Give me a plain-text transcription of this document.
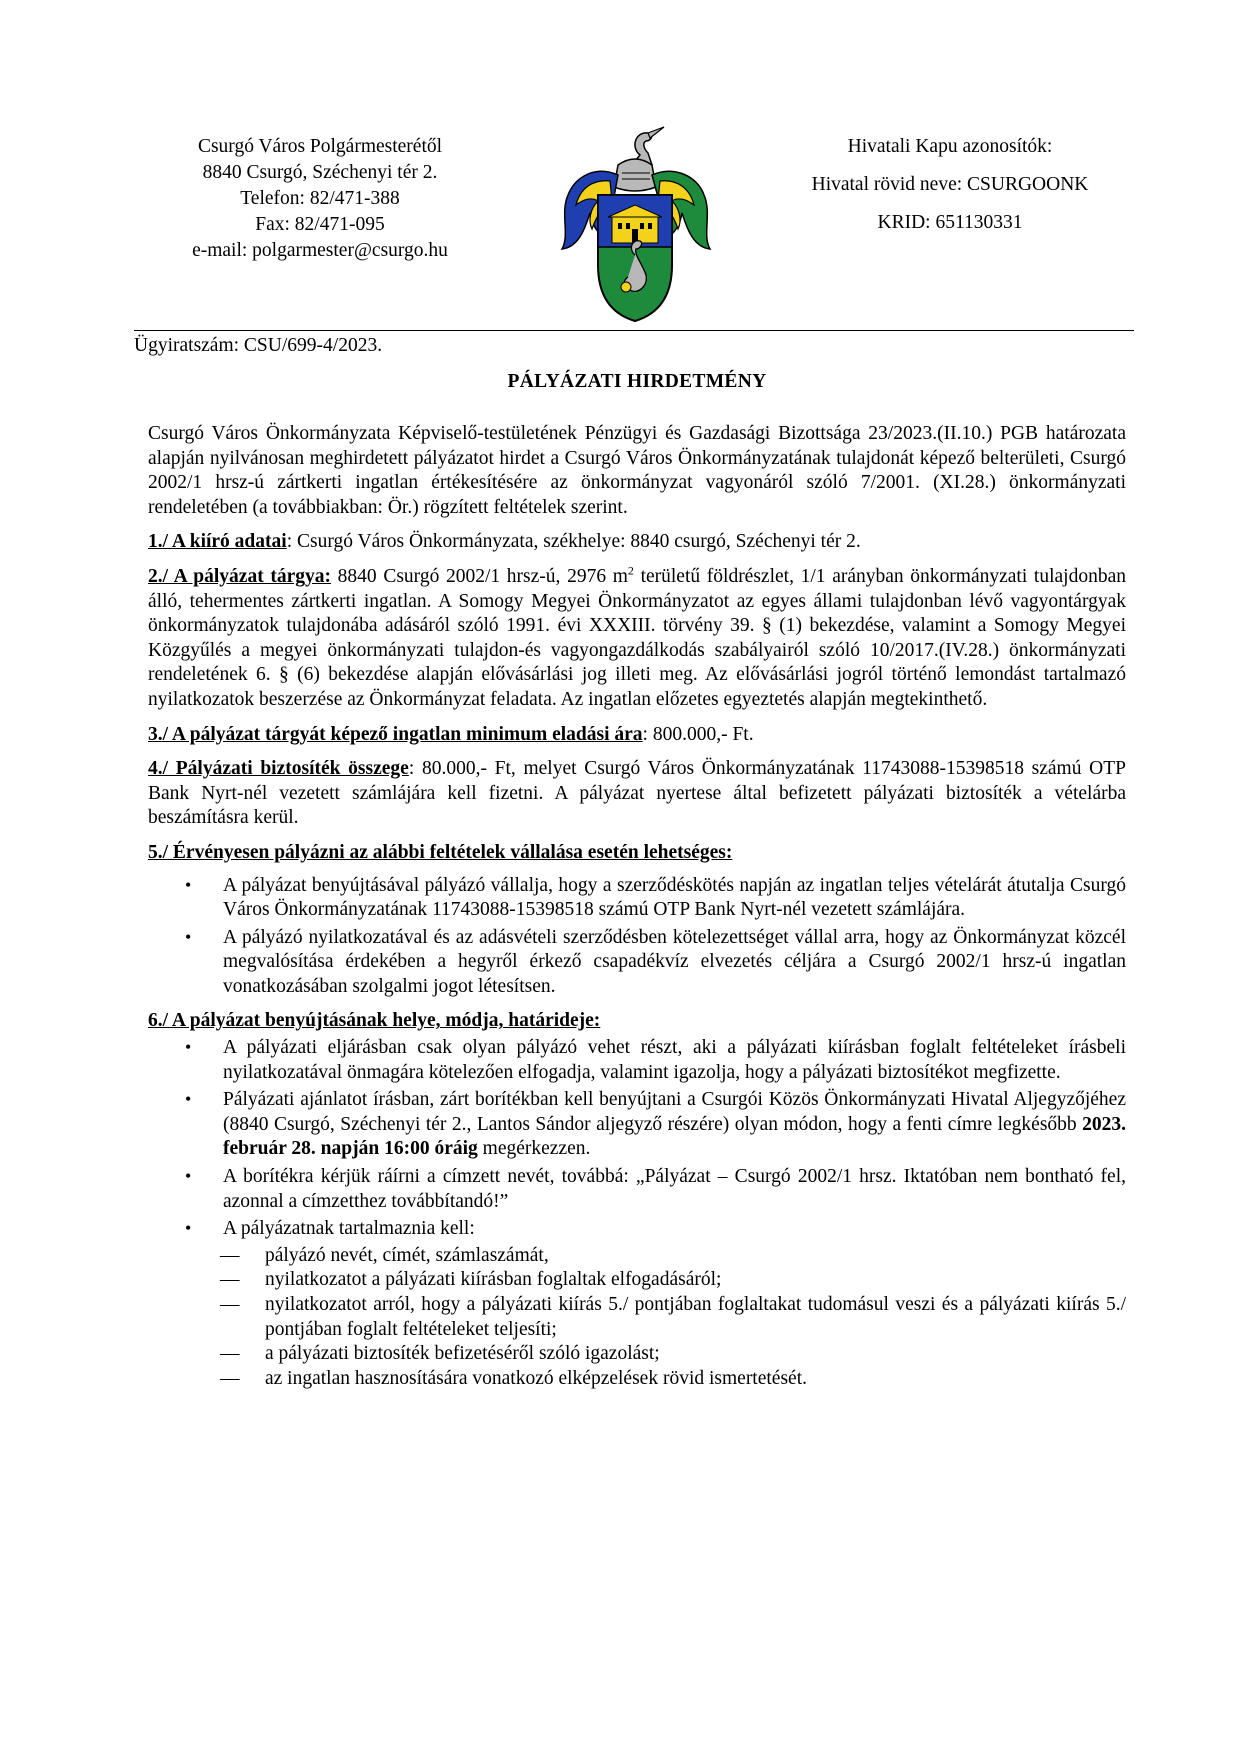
Csurgó Város Polgármesterétől
8840 Csurgó, Széchenyi tér 2.
Telefon: 82/471-388
Fax: 82/471-095
e-mail: polgarmester@csurgo.hu
Hivatali Kapu azonosítók:
Hivatal rövid neve: CSURGOONK
KRID: 651130331
Ügyiratszám: CSU/699-4/2023.
PÁLYÁZATI HIRDETMÉNY

Csurgó Város Önkormányzata Képviselő-testületének Pénzügyi és Gazdasági Bizottsága 23/2023.(II.10.) PGB határozata alapján nyilvánosan meghirdetett pályázatot hirdet a Csurgó Város Önkormányzatának tulajdonát képező belterületi, Csurgó 2002/1 hrsz-ú zártkerti ingatlan értékesítésére az önkormányzat vagyonáról szóló 7/2001. (XI.28.) önkormányzati rendeletében (a továbbiakban: Ör.) rögzített feltételek szerint.

1./ A kiíró adatai: Csurgó Város Önkormányzata, székhelye: 8840 csurgó, Széchenyi tér 2.

2./ A pályázat tárgya: 8840 Csurgó 2002/1 hrsz-ú, 2976 $m^2$ területű földrészlet, 1/1 arányban önkormányzati tulajdonban álló, tehermentes zártkerti ingatlan. A Somogy Megyei Önkormányzatot az egyes állami tulajdonban lévő vagyontárgyak önkormányzatok tulajdonába adásáról szóló 1991. évi XXXIII. törvény 39. § (1) bekezdése, valamint a Somogy Megyei Közgyűlés a megyei önkormányzati tulajdon-és vagyongazdálkodás szabályairól szóló 10/2017.(IV.28.) önkormányzati rendeletének 6. § (6) bekezdése alapján elővásárlási jog illeti meg. Az elővásárlási jogról történő lemondást tartalmazó nyilatkozatok beszerzése az Önkormányzat feladata. Az ingatlan előzetes egyeztetés alapján megtekinthető.

3./ A pályázat tárgyát képező ingatlan minimum eladási ára: 800.000,- Ft.

4./ Pályázati biztosíték összege: 80.000,- Ft, melyet Csurgó Város Önkormányzatának 11743088-15398518 számú OTP Bank Nyrt-nél vezetett számlájára kell fizetni. A pályázat nyertese által befizetett pályázati biztosíték a vételárba beszámításra kerül.

5./ Érvényesen pályázni az alábbi feltételek vállalása esetén lehetséges:
• A pályázat benyújtásával pályázó vállalja, hogy a szerződéskötés napján az ingatlan teljes vételárát átutalja Csurgó Város Önkormányzatának 11743088-15398518 számú OTP Bank Nyrt-nél vezetett számlájára.
• A pályázó nyilatkozatával és az adásvételi szerződésben kötelezettséget vállal arra, hogy az Önkormányzat közcél megvalósítása érdekében a hegyről érkező csapadékvíz elvezetés céljára a Csurgó 2002/1 hrsz-ú ingatlan vonatkozásában szolgalmi jogot létesítsen.
6./ A pályázat benyújtásának helye, módja, határideje:
• A pályázati eljárásban csak olyan pályázó vehet részt, aki a pályázati kiírásban foglalt feltételeket írásbeli nyilatkozatával önmagára kötelezően elfogadja, valamint igazolja, hogy a pályázati biztosítékot megfizette.
• Pályázati ajánlatot írásban, zárt borítékban kell benyújtani a Csurgói Közös Önkormányzati Hivatal Aljegyzőjéhez (8840 Csurgó, Széchenyi tér 2., Lantos Sándor aljegyző részére) olyan módon, hogy a fenti címre legkésőbb 2023. február 28. napján 16:00 óráig megérkezzen.
• A borítékra kérjük ráírni a címzett nevét, továbbá: „Pályázat – Csurgó 2002/1 hrsz. Iktatóban nem bontható fel, azonnal a címzetthez továbbítandó!”
• A pályázatnak tartalmaznia kell:
— pályázó nevét, címét, számlaszámát,
— nyilatkozatot a pályázati kiírásban foglaltak elfogadásáról;
— nyilatkozatot arról, hogy a pályázati kiírás 5./ pontjában foglaltakat tudomásul veszi és a pályázati kiírás 5./ pontjában foglalt feltételeket teljesíti;
— a pályázati biztosíték befizetéséről szóló igazolást;
— az ingatlan hasznosítására vonatkozó elképzelések rövid ismertetését.
